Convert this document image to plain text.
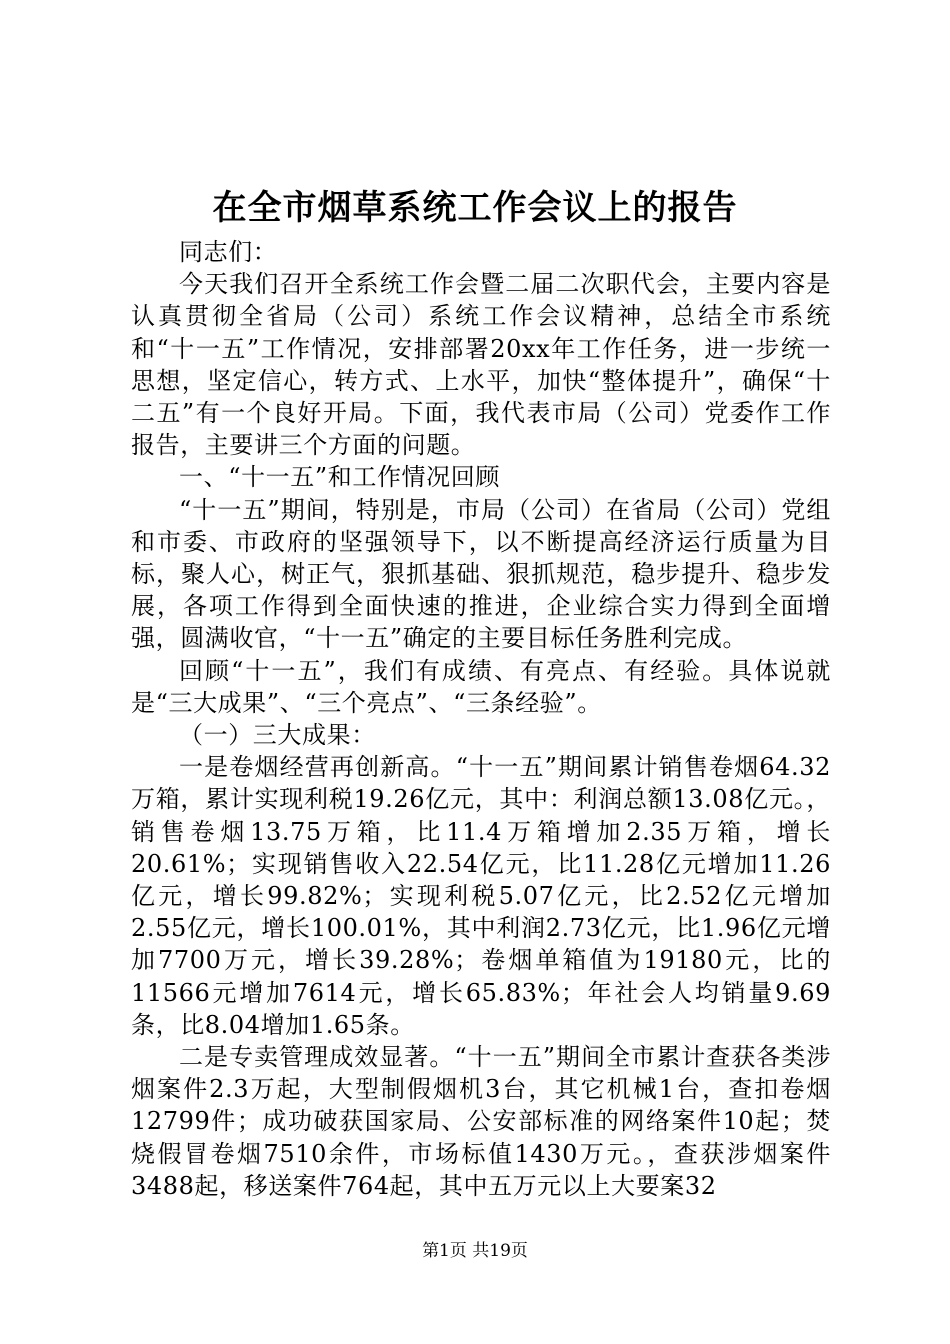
在全市烟草系统工作会议上的报告

同志们：

今天我们召开全系统工作会暨二届二次职代会，主要内容是认真贯彻全省局（公司）系统工作会议精神，总结全市系统和“十一五”工作情况，安排部署20xx年工作任务，进一步统一思想，坚定信心，转方式、上水平，加快“整体提升”，确保“十二五”有一个良好开局。下面，我代表市局（公司）党委作工作报告，主要讲三个方面的问题。

一、“十一五”和工作情况回顾

“十一五”期间，特别是，市局（公司）在省局（公司）党组和市委、市政府的坚强领导下，以不断提高经济运行质量为目标，聚人心，树正气，狠抓基础、狠抓规范，稳步提升、稳步发展，各项工作得到全面快速的推进，企业综合实力得到全面增强，圆满收官，“十一五”确定的主要目标任务胜利完成。

回顾“十一五”，我们有成绩、有亮点、有经验。具体说就是“三大成果”、“三个亮点”、“三条经验”。

（一）三大成果：

一是卷烟经营再创新高。“十一五”期间累计销售卷烟64.32万箱，累计实现利税19.26亿元，其中：利润总额13.08亿元。，销售卷烟13.75万箱，比11.4万箱增加2.35万箱，增长20.61%；实现销售收入22.54亿元，比11.28亿元增加11.26亿元，增长99.82%；实现利税5.07亿元，比2.52亿元增加2.55亿元，增长100.01%，其中利润2.73亿元，比1.96亿元增加7700万元，增长39.28%；卷烟单箱值为19180元，比的11566元增加7614元，增长65.83%；年社会人均销量9.69条，比8.04增加1.65条。

二是专卖管理成效显著。“十一五”期间全市累计查获各类涉烟案件2.3万起，大型制假烟机3台，其它机械1台，查扣卷烟12799件；成功破获国家局、公安部标准的网络案件10起；焚烧假冒卷烟7510余件，市场标值1430万元。，查获涉烟案件3488起，移送案件764起，其中五万元以上大要案32

第1页 共19页
